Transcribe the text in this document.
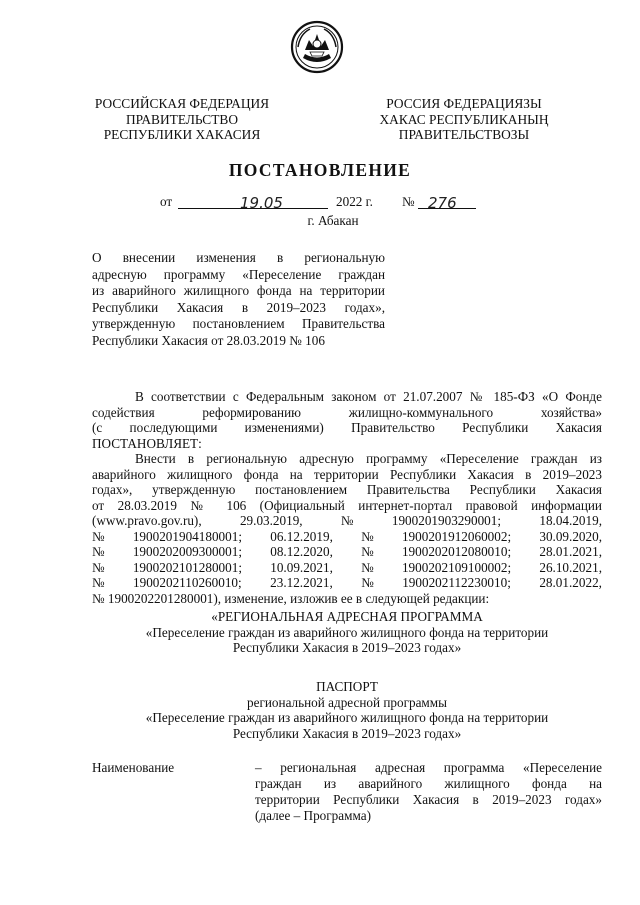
РОССИЙСКАЯ ФЕДЕРАЦИЯ
ПРАВИТЕЛЬСТВО
РЕСПУБЛИКИ ХАКАСИЯ
РОССИЯ ФЕДЕРАЦИЯЗЫ
ХАКАС РЕСПУБЛИКАНЫҢ
ПРАВИТЕЛЬСТВОЗЫ
ПОСТАНОВЛЕНИЕ
от	19.05	2022 г. № 276
г. Абакан
О внесении изменения в региональную
адресную программу «Переселение граждан
из аварийного жилищного фонда на территории
Республики Хакасия в 2019–2023 годах»,
утвержденную постановлением Правительства
Республики Хакасия от 28.03.2019 № 106
В соответствии с Федеральным законом от 21.07.2007 № 185-ФЗ «О Фонде
содействия реформированию жилищно-коммунального хозяйства»
(с последующими изменениями) Правительство Республики Хакасия
ПОСТАНОВЛЯЕТ:
Внести в региональную адресную программу «Переселение граждан из
аварийного жилищного фонда на территории Республики Хакасия в 2019–2023
годах», утвержденную постановлением Правительства Республики Хакасия
от 28.03.2019 № 106 (Официальный интернет-портал правовой информации
(www.pravo.gov.ru),	29.03.2019,	№	1900201903290001;	18.04.2019,
№ 1900201904180001; 06.12.2019, № 1900201912060002; 30.09.2020,
№ 1900202009300001; 08.12.2020, № 1900202012080010; 28.01.2021,
№ 1900202101280001; 10.09.2021, № 1900202109100002; 26.10.2021,
№ 1900202110260010; 23.12.2021, № 1900202112230010; 28.01.2022,
№ 1900202201280001), изменение, изложив ее в следующей редакции:
«РЕГИОНАЛЬНАЯ АДРЕСНАЯ ПРОГРАММА
«Переселение граждан из аварийного жилищного фонда на территории
Республики Хакасия в 2019–2023 годах»
ПАСПОРТ
региональной адресной программы
«Переселение граждан из аварийного жилищного фонда на территории
Республики Хакасия в 2019–2023 годах»
Наименование	– региональная адресная программа «Переселение
граждан из аварийного жилищного фонда на
территории Республики Хакасия в 2019–2023 годах»
(далее – Программа)
